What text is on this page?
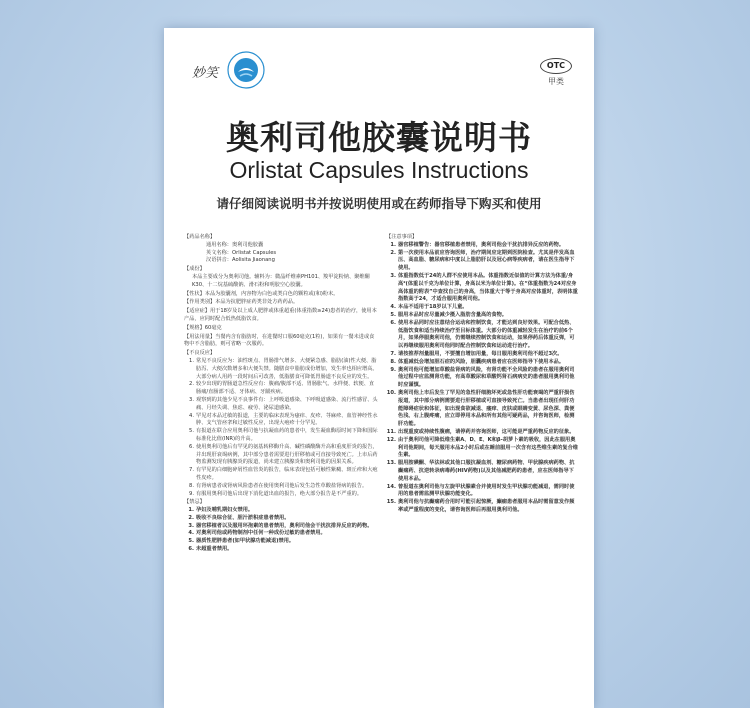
妙笑
OTC
甲类
奥利司他胶囊说明书
Orlistat Capsules Instructions
请仔细阅读说明书并按说明使用或在药师指导下购买和使用
【药品名称】
通用名称： 奥利司他胶囊
英文名称： Orlistat Capsules
汉语拼音： Aolisita Jiaonang
【成份】
本品主要成分为奥利司他。辅料为：微晶纤维素PH101、羧甲淀粉钠、聚维酮K30、十二烷基硫酸钠、滑石粉和明胶空心胶囊。
【性状】本品为胶囊剂，内容物为白色或类白色的颗粒或(和)粉末。
【作用类别】本品为抗肥胖症药类非处方药药品。
【适应症】用于18岁及以上成人肥胖或体重超重(体重指数≥24)患者的治疗，使用本产品，应同时配合低热低脂饮食。
【规格】60毫克
【用法用量】当餐内含有脂肪时，在进餐时口服60毫克(1粒)，如果有一餐未进或食物中不含脂肪，则可省略一次服药。
【不良反应】
1. 常见不良反应为：油性斑点、胃肠排气增多、大便紧急感、脂肪(油)性大便、脂肪泻、大便次数增多和大便失禁。随膳食中脂肪成份增加，发生率也相应增高。大部分病人用药一段时间后可改善，低脂膳食可降低胃肠道不良反应的发生。
2. 较少出现的胃肠道急性反应有：腹痛/腹部不适、胃肠胀气、水样便、软便、直肠痛/直肠部不适、牙体病、牙龈疾病。
3. 观察到的其他少见不良事件有：上呼吸道感染、下呼吸道感染、流行性感冒、头痛、月经失调、焦虑、疲劳、泌尿道感染。
4. 罕见对本品过敏的报道，主要的临床表现为瘙痒、皮疹、荨麻疹、血管神经性水肿、支气管痉挛和过敏性反应，出现大疱疹十分罕见。
5. 有报道在联合应用奥利司他与抗凝血药的患者中，发生凝血酶原时间下降和国际标准化比值(INR)的升高。
6. 使用奥利司他后有罕见的氨基转移酶升高、碱性磷酸酶升高和重度肝炎的报告，并出现肝衰竭病例，其中部分患者需要进行肝移植或可直接导致死亡。上市后药物监测发现有胰腺炎的报道，尚未建立胰腺炎和奥利司他的因果关系。
7. 有罕见的白细胞碎屑性血管炎的报告，临床表现包括可触性紫癜、斑丘疹和大疱性皮疹。
8. 有肾病患者或肾病风险患者在使用奥利司他后发生急性草酸盐肾病的报告。
9. 有服用奥利司他后出现下消化道出血的报告，绝大部分报告是不严重的。
【禁忌】
1. 孕妇及哺乳期妇女禁用。
2. 吸收不良综合征、胆汁淤积症患者禁用。
3. 器官移植者以及服用环孢素的患者禁用，奥利司他会干扰抗排异反应的药物。
4. 对奥利司他或药物制剂中任何一种成份过敏的患者禁用。
5. 器质性肥胖患者(如甲状腺功能减退)禁用。
6. 未超重者禁用。
【注意事项】
1. 器官移植警告：器官移植患者禁用，奥利司他会干扰抗排异反应的药物。
2. 第一次使用本品前应咨询医师，治疗期间应定期到医院检查。尤其是伴发高血压、高血脂、糖尿病和中度以上脂肪肝以及冠心病等疾病者，请在医生指导下使用。
3. 体重指数低于24的人群不应使用本品。体重指数近似值的计算方法为体重/身高²(体重以千克为单位计算，身高以米为单位计算)。在“体重指数为24对应身高体重的附表”中查找自己的身高，当体重大于等于身高对应体重时，表明体重指数高于24，才适合服用奥利司他。
4. 本品不适用于18岁以下儿童。
5. 服用本品时应尽量减少摄入脂肪含量高的食物。
6. 使用本品同时应注意结合运动和控制饮食，才能达到良好效果。可配合低热、低脂饮食和适当持续治疗至目标体重。大部分的体重减轻发生在治疗的前6个月，如果停服奥利司他，仍需继续控制饮食和运动，如果停药后体重反弹，可以再继续服用奥利司他同时配合控制饮食和运动进行治疗。
7. 请按推荐剂量服用，不要擅自增加用量，每日服用奥利司他不超过3次。
8. 体重减低会增加胆石症的风险，胆囊疾病患者应在医师指导下使用本品。
9. 奥利司他可能增加草酸盐肾病的风险，有肾功能不全风险的患者在服用奥利司他过程中应监测肾功能，有高草酸尿和草酸钙肾石病病史的患者服用奥利司他时应谨慎。
10. 奥利司他上市后发生了罕见的急性肝细胞坏死或急性肝功能衰竭的严重肝损伤报道，其中部分病例需要进行肝移植或可直接导致死亡。当患者出现任何肝功能障碍症状和体征，如出现食欲减退、瘙痒、皮肤或眼睛变黄、尿色深、粪便色浅、右上腹疼痛，应立即停用本品和所有其他可疑药品，并咨询医师，检测肝功能。
11. 出现重度或持续性腹痛，请停药并咨询医师，这可能是严重药物反应的征象。
12. 由于奥利司他可降低维生素A、D、E、K和β-胡萝卜素的吸收，因此在服用奥利司他期间，每天服用本品2小时后或在睡前服用一次含有这些维生素的复合维生素。
13. 服用胺碘酮、华法林或其他口服抗凝血剂、糖尿病药物、甲状腺疾病药物、抗癫痫药、抗逆转录病毒药(HIV药物)以及其他减肥药的患者，应在医师指导下使用本品。
14. 曾报道在奥利司他与左旋甲状腺素合并使用时发生甲状腺功能减退，需同时使用的患者需监测甲状腺功能变化。
15. 奥利司他与抗癫痫药合用时可能引起惊厥，癫痫患者服用本品时需留意发作频率或严重程度的变化，请咨询医师后再服用奥利司他。
